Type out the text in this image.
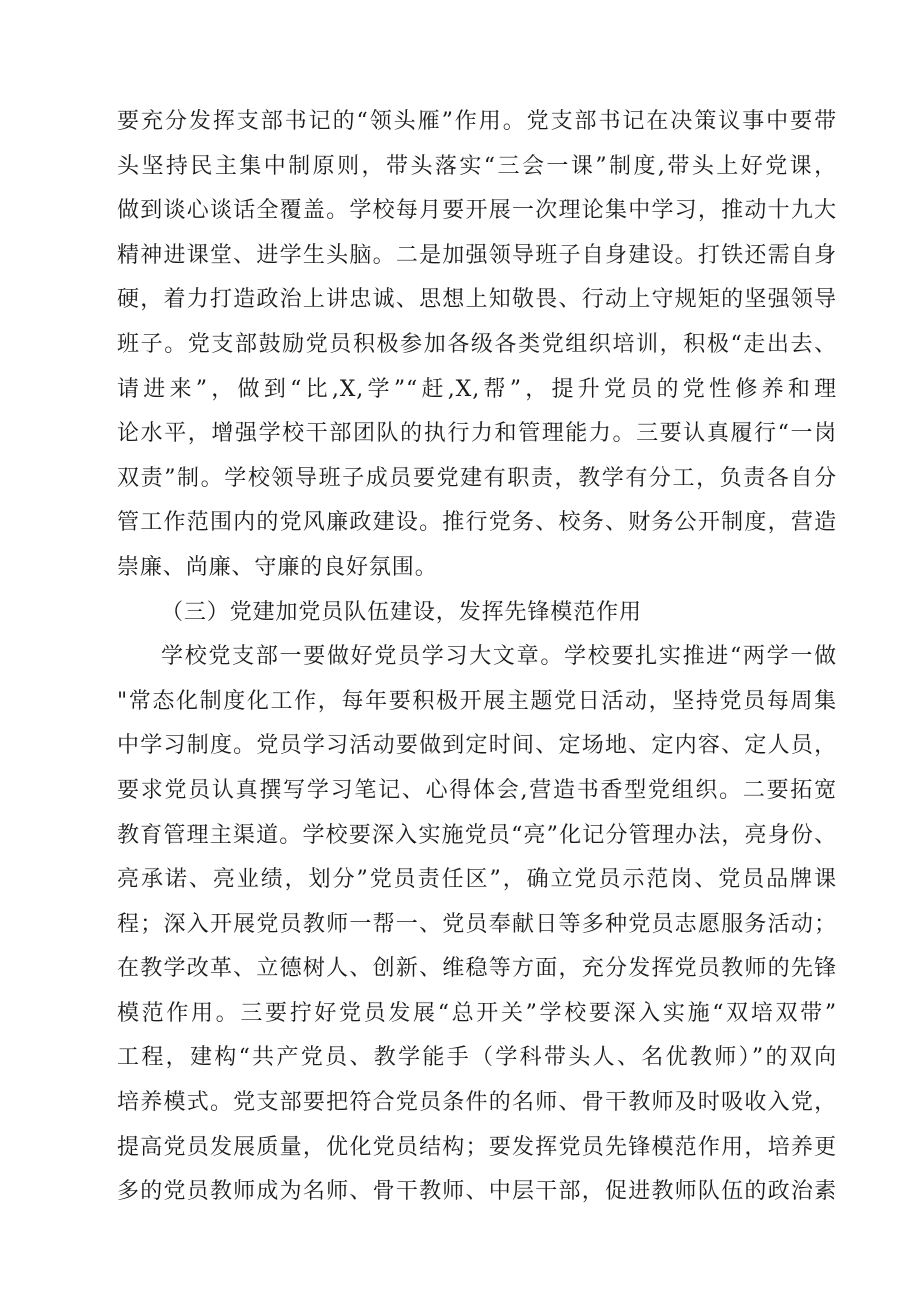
要充分发挥支部书记的“领头雁”作用。党支部书记在决策议事中要带
头坚持民主集中制原则，带头落实“三会一课”制度,带头上好党课，
做到谈心谈话全覆盖。学校每月要开展一次理论集中学习，推动十九大
精神进课堂、进学生头脑。二是加强领导班子自身建设。打铁还需自身
硬，着力打造政治上讲忠诚、思想上知敬畏、行动上守规矩的坚强领导
班子。党支部鼓励党员积极参加各级各类党组织培训，积极“走出去、
请进来”，做到“比,X,学”“赶,X,帮”，提升党员的党性修养和理
论水平，增强学校干部团队的执行力和管理能力。三要认真履行“一岗
双责”制。学校领导班子成员要党建有职责，教学有分工，负责各自分
管工作范围内的党风廉政建设。推行党务、校务、财务公开制度，营造
崇廉、尚廉、守廉的良好氛围。
（三）党建加党员队伍建设，发挥先锋模范作用
学校党支部一要做好党员学习大文章。学校要扎实推进“两学一做
"常态化制度化工作，每年要积极开展主题党日活动，坚持党员每周集
中学习制度。党员学习活动要做到定时间、定场地、定内容、定人员，
要求党员认真撰写学习笔记、心得体会,营造书香型党组织。二要拓宽
教育管理主渠道。学校要深入实施党员“亮”化记分管理办法，亮身份、
亮承诺、亮业绩，划分”党员责任区”，确立党员示范岗、党员品牌课
程；深入开展党员教师一帮一、党员奉献日等多种党员志愿服务活动；
在教学改革、立德树人、创新、维稳等方面，充分发挥党员教师的先锋
模范作用。三要拧好党员发展“总开关”学校要深入实施“双培双带”
工程，建构“共产党员、教学能手（学科带头人、名优教师）”的双向
培养模式。党支部要把符合党员条件的名师、骨干教师及时吸收入党，
提高党员发展质量，优化党员结构；要发挥党员先锋模范作用，培养更
多的党员教师成为名师、骨干教师、中层干部，促进教师队伍的政治素
